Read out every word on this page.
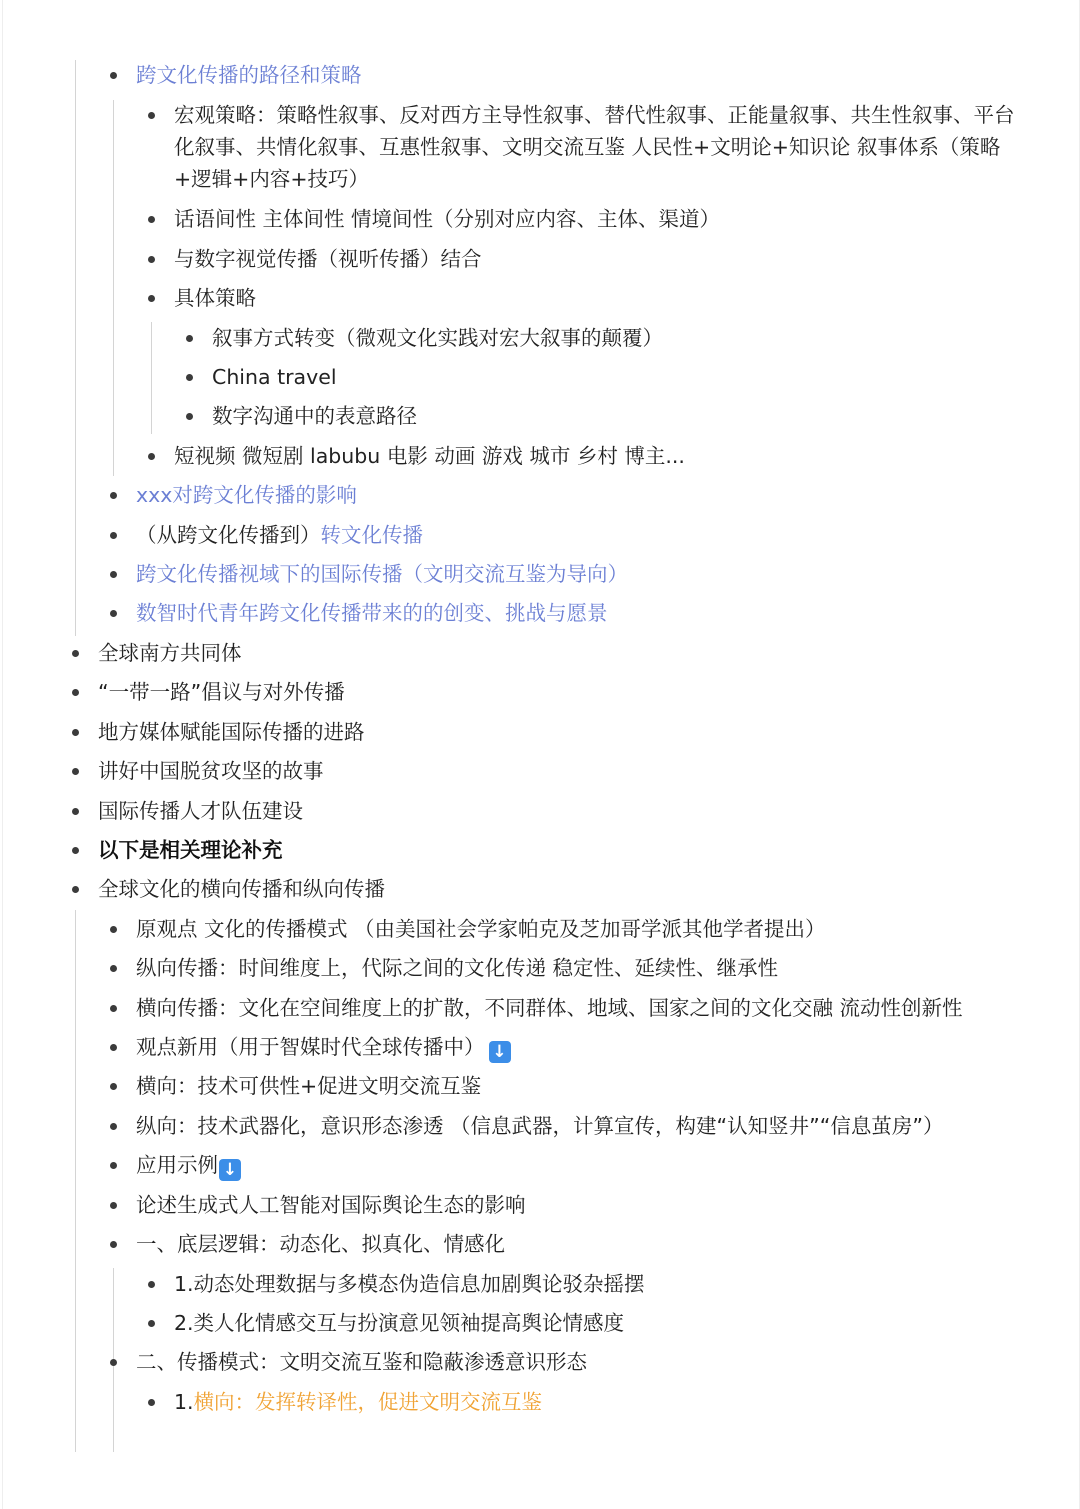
跨文化传播的路径和策略
宏观策略：策略性叙事、反对西方主导性叙事、替代性叙事、正能量叙事、共生性叙事、平台化叙事、共情化叙事、互惠性叙事、文明交流互鉴 人民性+文明论+知识论 叙事体系（策略+逻辑+内容+技巧）
话语间性 主体间性 情境间性（分别对应内容、主体、渠道）
与数字视觉传播（视听传播）结合
具体策略
叙事方式转变（微观文化实践对宏大叙事的颠覆）
China travel
数字沟通中的表意路径
短视频 微短剧 labubu 电影 动画 游戏 城市 乡村 博主...
xxx对跨文化传播的影响
（从跨文化传播到）转文化传播
跨文化传播视域下的国际传播（文明交流互鉴为导向）
数智时代青年跨文化传播带来的的创变、挑战与愿景
全球南方共同体
“一带一路”倡议与对外传播
地方媒体赋能国际传播的进路
讲好中国脱贫攻坚的故事
国际传播人才队伍建设
以下是相关理论补充
全球文化的横向传播和纵向传播
原观点 文化的传播模式 （由美国社会学家帕克及芝加哥学派其他学者提出）
纵向传播：时间维度上，代际之间的文化传递 稳定性、延续性、继承性
横向传播：文化在空间维度上的扩散，不同群体、地域、国家之间的文化交融 流动性创新性
观点新用（用于智媒时代全球传播中） ↓
横向：技术可供性+促进文明交流互鉴
纵向：技术武器化，意识形态渗透 （信息武器，计算宣传，构建“认知竖井”“信息茧房”）
应用示例 ↓
论述生成式人工智能对国际舆论生态的影响
一、底层逻辑：动态化、拟真化、情感化
1.动态处理数据与多模态伪造信息加剧舆论驳杂摇摆
2.类人化情感交互与扮演意见领袖提高舆论情感度
二、传播模式：文明交流互鉴和隐蔽渗透意识形态
1.横向：发挥转译性，促进文明交流互鉴
